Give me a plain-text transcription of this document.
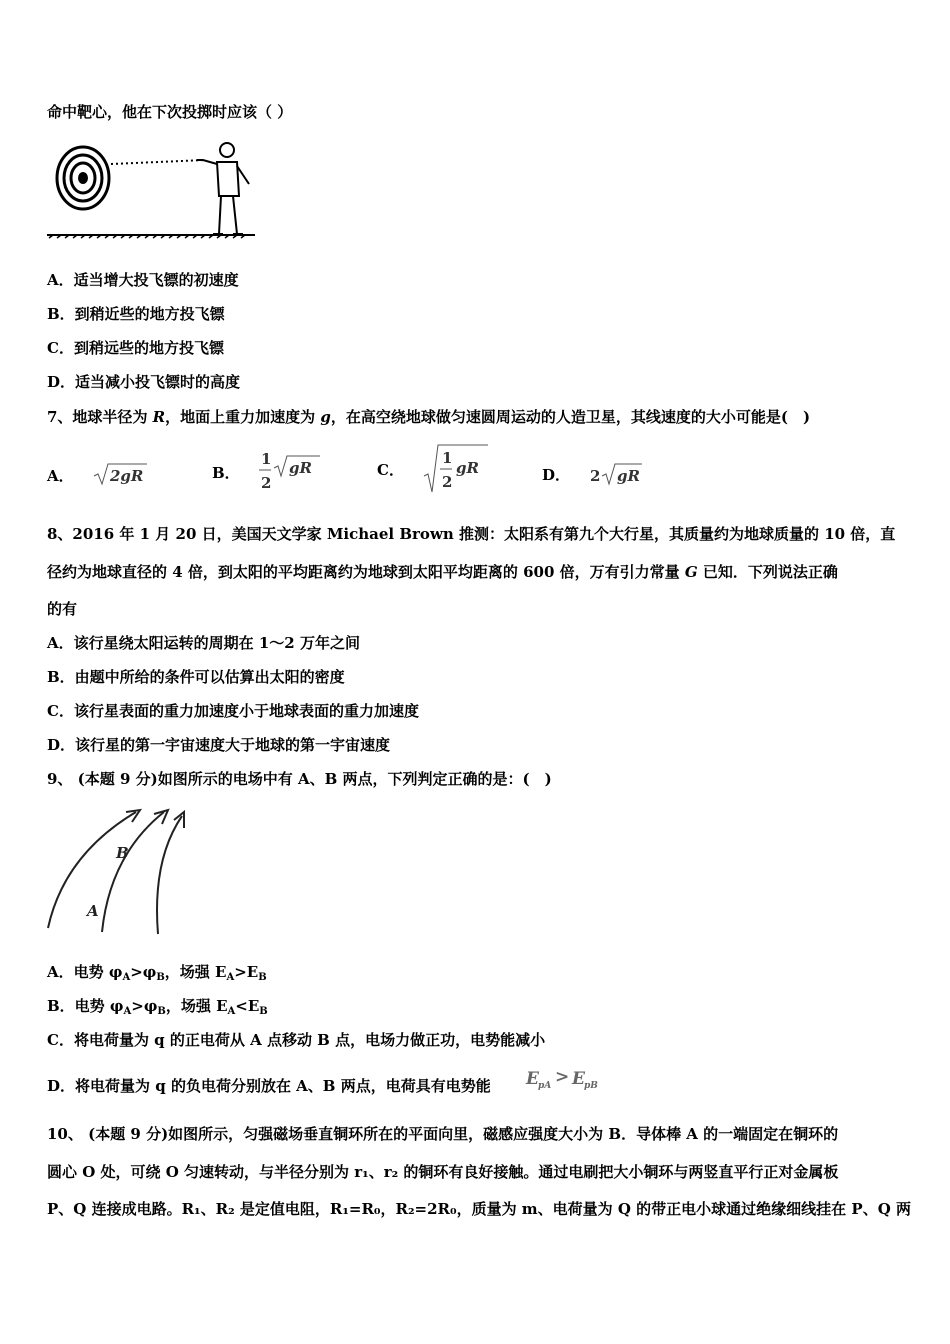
命中靶心，他在下次投掷时应该（ ）
A．适当增大投飞镖的初速度
B．到稍近些的地方投飞镖
C．到稍远些的地方投飞镖
D．适当减小投飞镖时的高度
7、地球半径为 R，地面上重力加速度为 g，在高空绕地球做匀速圆周运动的人造卫星，其线速度的大小可能是(　)
A． 2gR	B．
1
2
gR	C．
1
2
gR	D． 2 gR
8、2016 年 1 月 20 日，美国天文学家 Michael Brown 推测：太阳系有第九个大行星，其质量约为地球质量的 10 倍，直
径约为地球直径的 4 倍，到太阳的平均距离约为地球到太阳平均距离的 600 倍，万有引力常量 G 已知．下列说法正确
的有
A．该行星绕太阳运转的周期在 1～2 万年之间
B．由题中所给的条件可以估算出太阳的密度
C．该行星表面的重力加速度小于地球表面的重力加速度
D．该行星的第一宇宙速度大于地球的第一宇宙速度
9、 (本题 9 分)如图所示的电场中有 A、B 两点，下列判定正确的是：(　)
B
A
A．电势 $\varphi_A>\varphi_B$，场强 $E_A>E_B$
B．电势 $\varphi_A>\varphi_B$，场强 $E_A<E_B$
C．将电荷量为 q 的正电荷从 A 点移动 B 点，电场力做正功，电势能减小
D．将电荷量为 q 的负电荷分别放在 A、B 两点，电荷具有电势能 E pA > E pB
10、 (本题 9 分)如图所示，匀强磁场垂直铜环所在的平面向里，磁感应强度大小为 B．导体棒 A 的一端固定在铜环的
圆心 O 处，可绕 O 匀速转动，与半径分别为 r₁、r₂ 的铜环有良好接触。通过电刷把大小铜环与两竖直平行正对金属板
P、Q 连接成电路。R₁、R₂ 是定值电阻，R₁=R₀，R₂=2R₀，质量为 m、电荷量为 Q 的带正电小球通过绝缘细线挂在 P、Q 两
